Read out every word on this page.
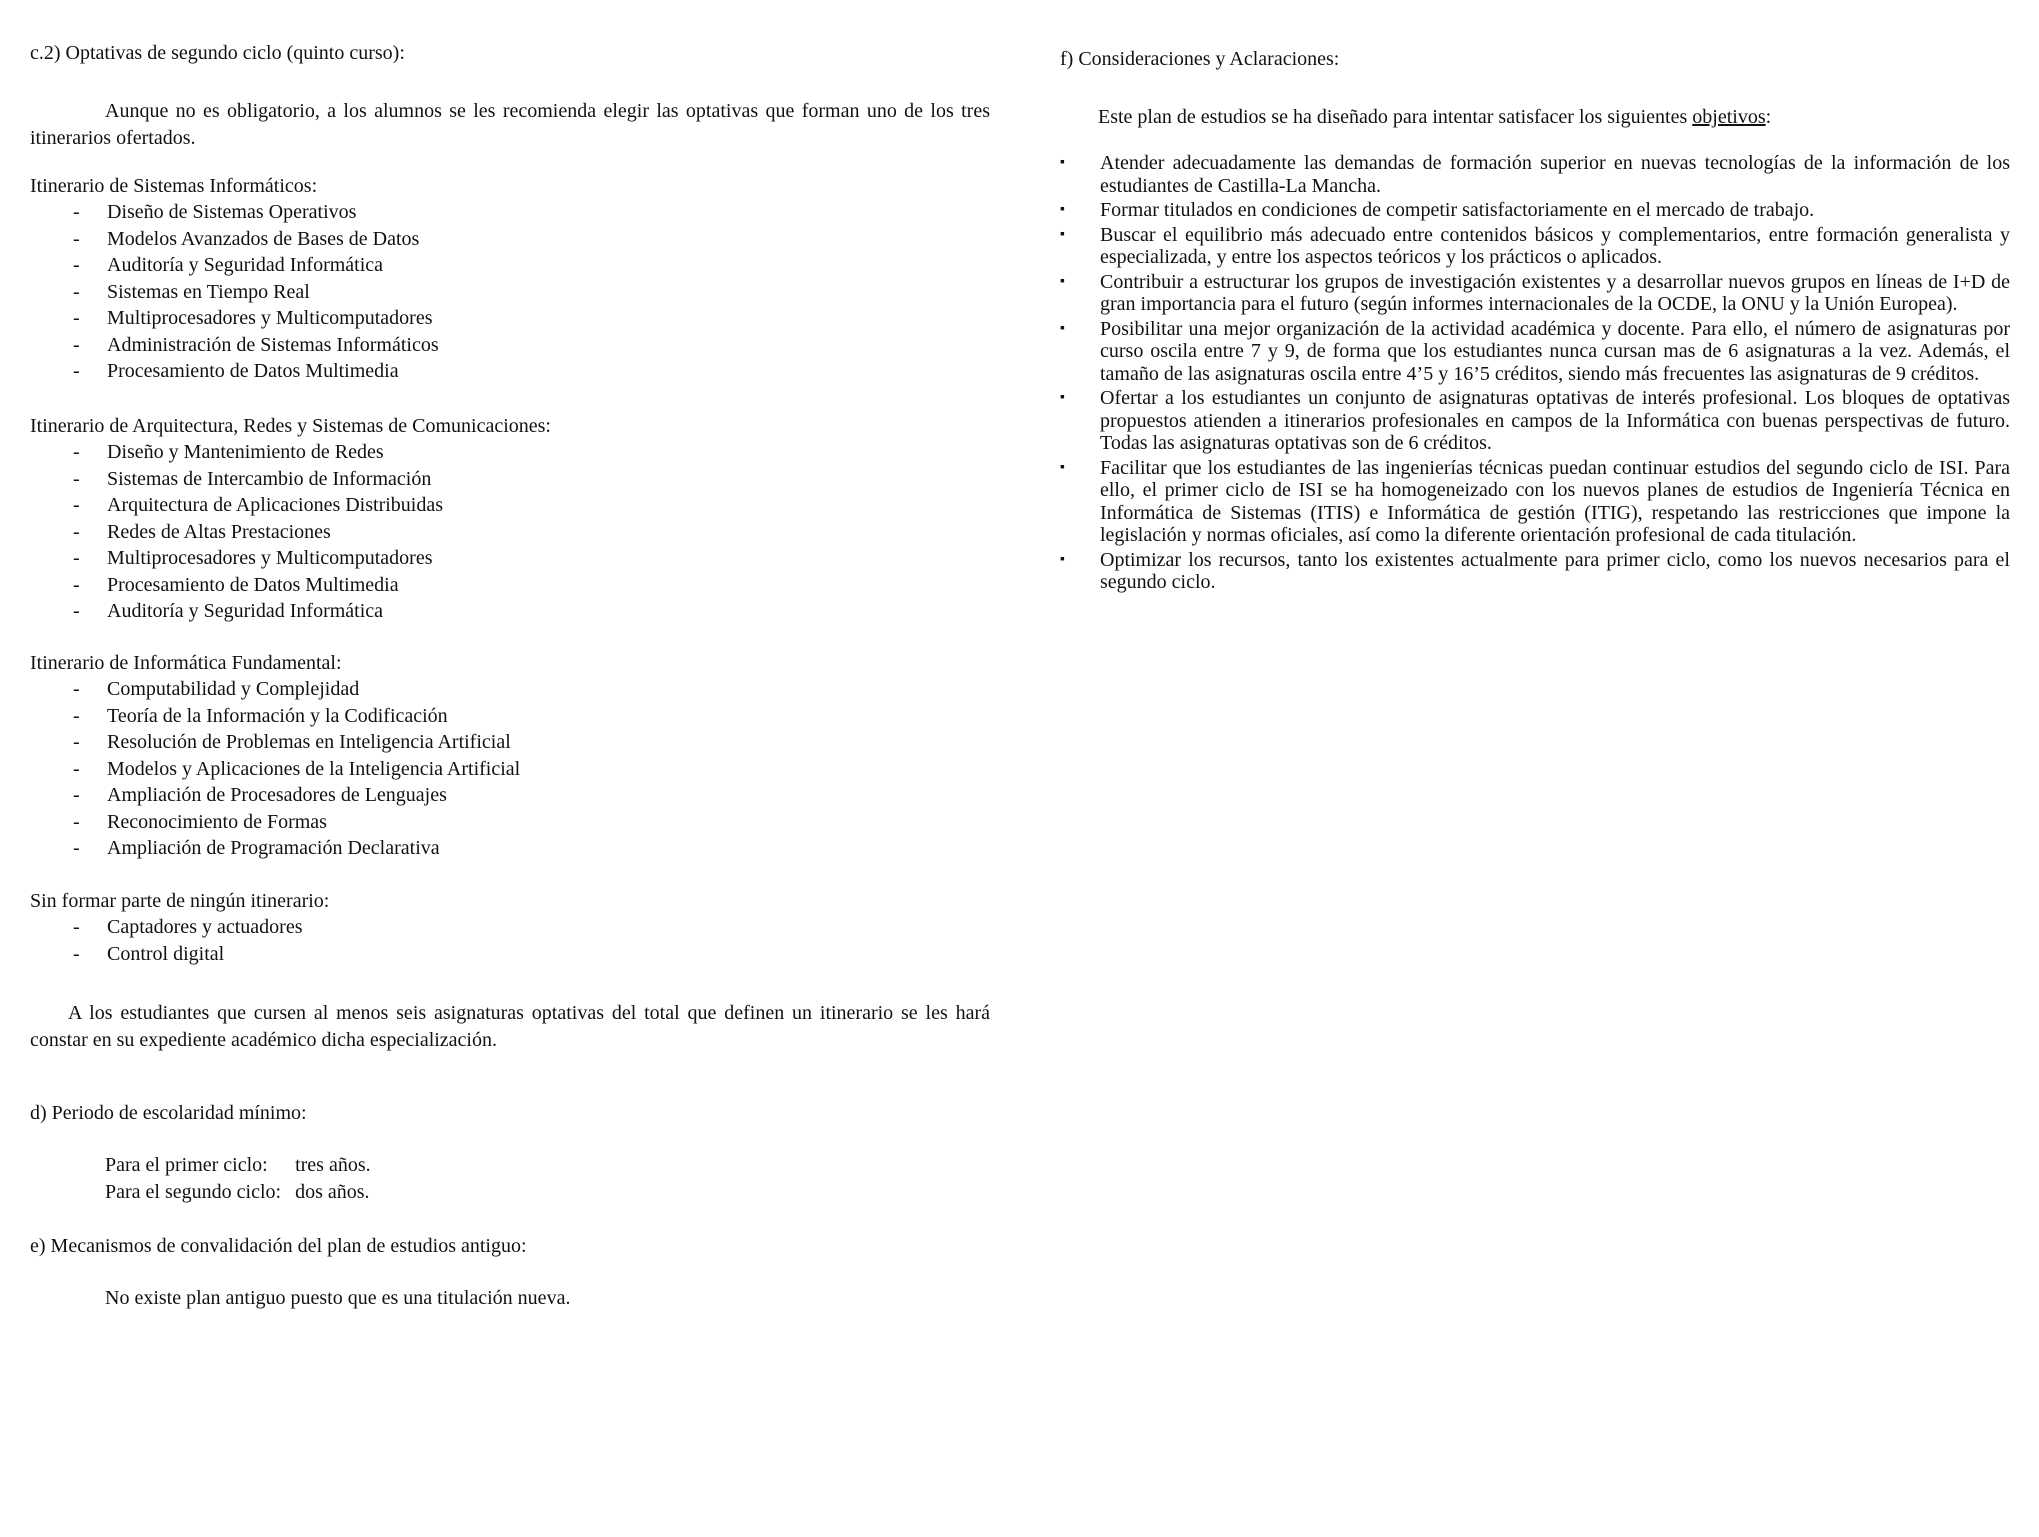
c.2) Optativas de segundo ciclo (quinto curso):
Aunque no es obligatorio, a los alumnos se les recomienda elegir las optativas que forman uno de los tres itinerarios ofertados.
Itinerario de Sistemas Informáticos:
- Diseño de Sistemas Operativos
- Modelos Avanzados de Bases de Datos
- Auditoría y Seguridad Informática
- Sistemas en Tiempo Real
- Multiprocesadores y Multicomputadores
- Administración de Sistemas Informáticos
- Procesamiento de Datos Multimedia
Itinerario de Arquitectura, Redes y Sistemas de Comunicaciones:
- Diseño y Mantenimiento de Redes
- Sistemas de Intercambio de Información
- Arquitectura de Aplicaciones Distribuidas
- Redes de Altas Prestaciones
- Multiprocesadores y Multicomputadores
- Procesamiento de Datos Multimedia
- Auditoría y Seguridad Informática
Itinerario de Informática Fundamental:
- Computabilidad y Complejidad
- Teoría de la Información y la Codificación
- Resolución de Problemas en Inteligencia Artificial
- Modelos y Aplicaciones de la Inteligencia Artificial
- Ampliación de Procesadores de Lenguajes
- Reconocimiento de Formas
- Ampliación de Programación Declarativa
Sin formar parte de ningún itinerario:
- Captadores y actuadores
- Control digital
A los estudiantes que cursen al menos seis asignaturas optativas del total que definen un itinerario se les hará constar en su expediente académico dicha especialización.
d) Periodo de escolaridad mínimo:
Para el primer ciclo:	tres años.
Para el segundo ciclo:	dos años.
e) Mecanismos de convalidación del plan de estudios antiguo:
No existe plan antiguo puesto que es una titulación nueva.
f) Consideraciones y Aclaraciones:
Este plan de estudios se ha diseñado para intentar satisfacer los siguientes objetivos:
▪ Atender adecuadamente las demandas de formación superior en nuevas tecnologías de la información de los estudiantes de Castilla-La Mancha.
▪ Formar titulados en condiciones de competir satisfactoriamente en el mercado de trabajo.
▪ Buscar el equilibrio más adecuado entre contenidos básicos y complementarios, entre formación generalista y especializada, y entre los aspectos teóricos y los prácticos o aplicados.
▪ Contribuir a estructurar los grupos de investigación existentes y a desarrollar nuevos grupos en líneas de I+D de gran importancia para el futuro (según informes internacionales de la OCDE, la ONU y la Unión Europea).
▪ Posibilitar una mejor organización de la actividad académica y docente. Para ello, el número de asignaturas por curso oscila entre 7 y 9, de forma que los estudiantes nunca cursan mas de 6 asignaturas a la vez. Además, el tamaño de las asignaturas oscila entre 4’5 y 16’5 créditos, siendo más frecuentes las asignaturas de 9 créditos.
▪ Ofertar a los estudiantes un conjunto de asignaturas optativas de interés profesional. Los bloques de optativas propuestos atienden a itinerarios profesionales en campos de la Informática con buenas perspectivas de futuro. Todas las asignaturas optativas son de 6 créditos.
▪ Facilitar que los estudiantes de las ingenierías técnicas puedan continuar estudios del segundo ciclo de ISI. Para ello, el primer ciclo de ISI se ha homogeneizado con los nuevos planes de estudios de Ingeniería Técnica en Informática de Sistemas (ITIS) e Informática de gestión (ITIG), respetando las restricciones que impone la legislación y normas oficiales, así como la diferente orientación profesional de cada titulación.
▪ Optimizar los recursos, tanto los existentes actualmente para primer ciclo, como los nuevos necesarios para el segundo ciclo.
